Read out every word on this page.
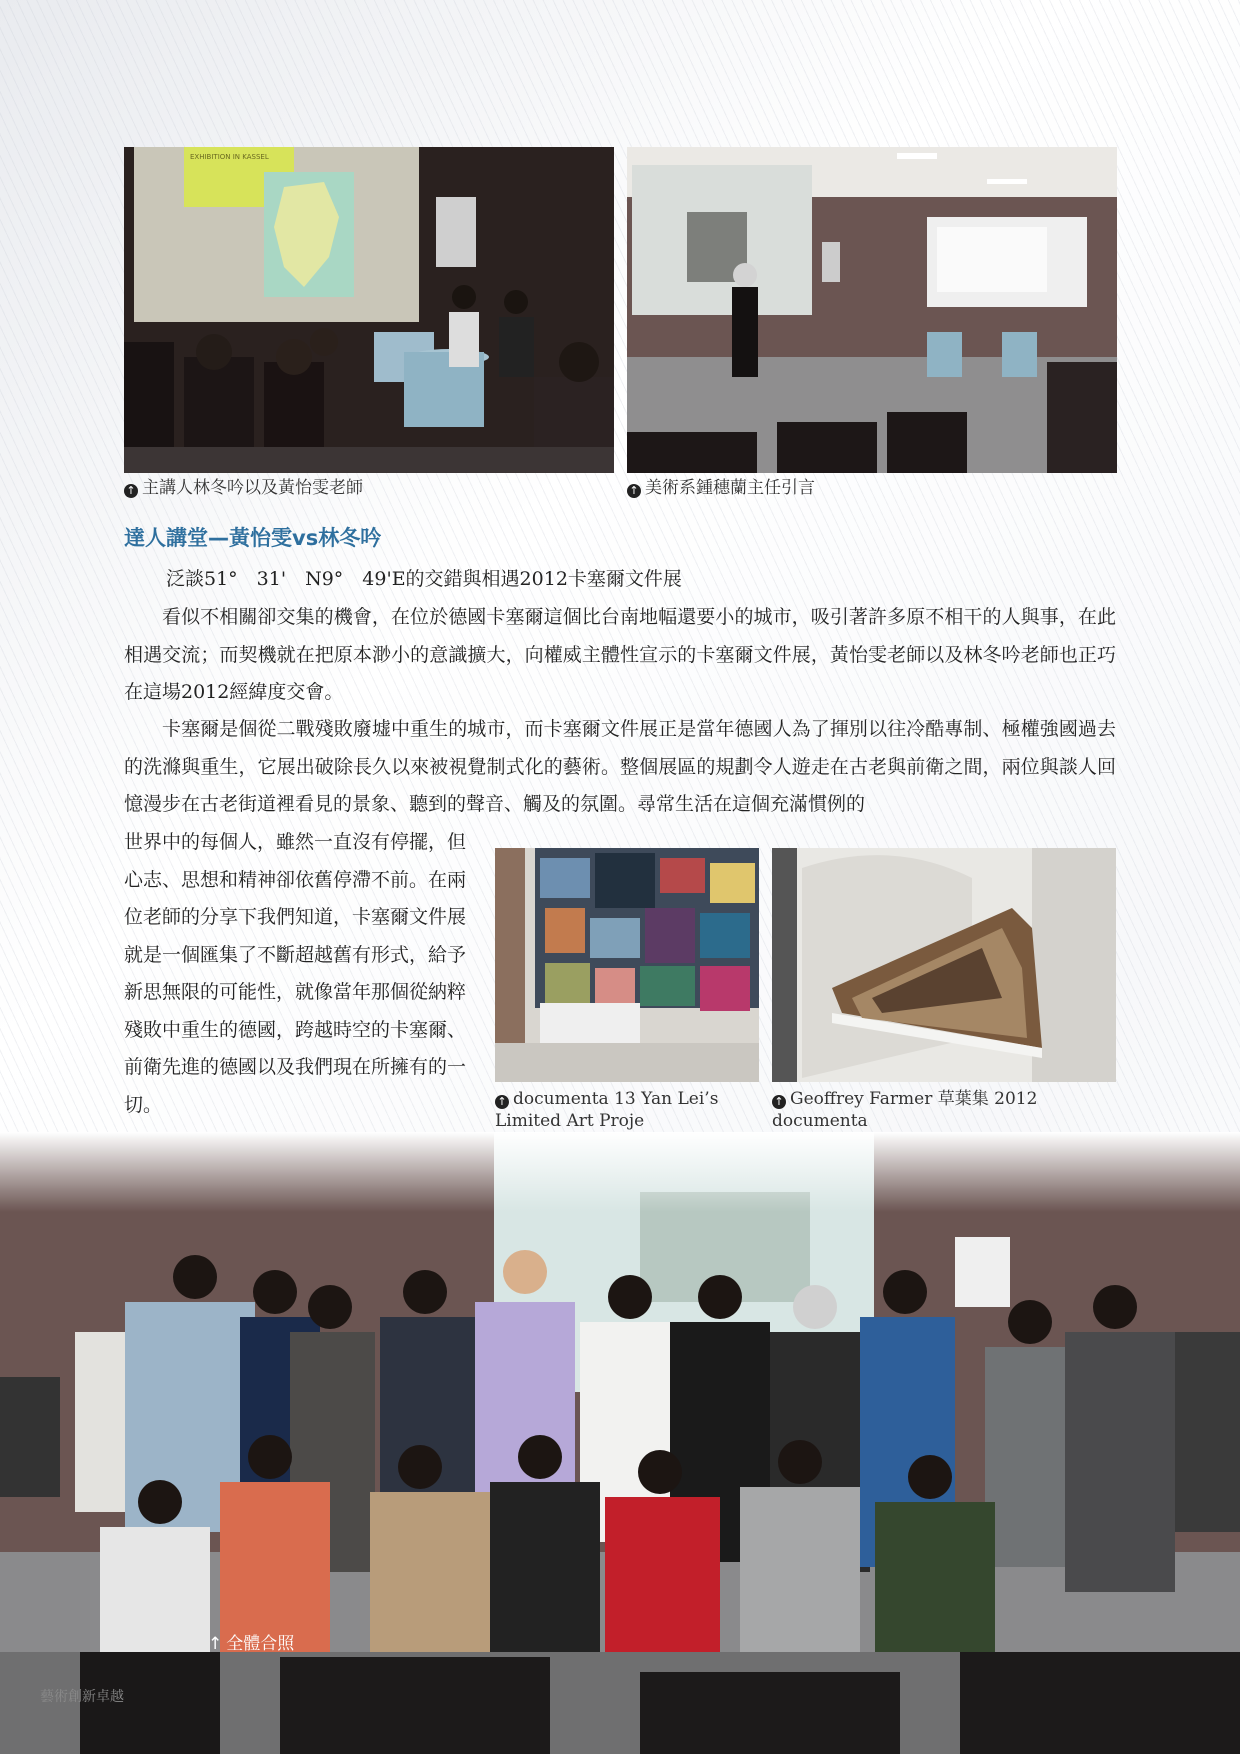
EXHIBITION IN KASSEL
↑ 主講人林冬吟以及黃怡雯老師	↑ 美術系鍾穗蘭主任引言
達人講堂—黃怡雯vs林冬吟

泛談51°　31'　N9°　49'E的交錯與相遇2012卡塞爾文件展

看似不相關卻交集的機會，在位於德國卡塞爾這個比台南地幅還要小的城市，吸引著許多原不相干的人與事，在此相遇交流；而契機就在把原本渺小的意識擴大，向權威主體性宣示的卡塞爾文件展，黃怡雯老師以及林冬吟老師也正巧在這場2012經緯度交會。

卡塞爾是個從二戰殘敗廢墟中重生的城市，而卡塞爾文件展正是當年德國人為了揮別以往冷酷專制、極權強國過去的洗滌與重生，它展出破除長久以來被視覺制式化的藝術。整個展區的規劃令人遊走在古老與前衛之間，兩位與談人回憶漫步在古老街道裡看見的景象、聽到的聲音、觸及的氛圍。尋常生活在這個充滿慣例的

世界中的每個人，雖然一直沒有停擺，但心志、思想和精神卻依舊停滯不前。在兩位老師的分享下我們知道，卡塞爾文件展就是一個匯集了不斷超越舊有形式，給予新思無限的可能性，就像當年那個從納粹殘敗中重生的德國，跨越時空的卡塞爾、前衛先進的德國以及我們現在所擁有的一切。	↑ documenta 13 Yan Lei’s Limited Art Proje
↑ Geoffrey Farmer 草葉集 2012 documenta
↑ 全體合照
藝術創新卓越
